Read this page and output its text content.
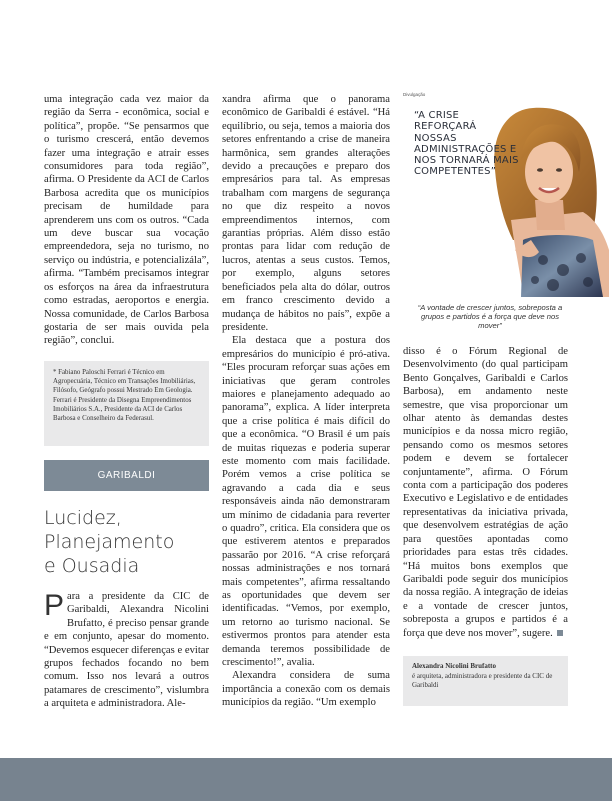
uma integração cada vez maior da região da Serra - econômica, social e política”, propõe. “Se pensarmos que o turismo crescerá, então devemos fazer uma integração e atrair esses consumidores para toda região”, afirma. O Presidente da ACI de Carlos Barbosa acredita que os municípios precisam de humildade para aprenderem uns com os outros. “Cada um deve buscar sua vocação empreendedora, seja no turismo, no serviço ou indústria, e potencializála”, afirma. “Também precisamos integrar os esforços na área da infraestrutura como estradas, aeroportos e energia. Nossa comunidade, de Carlos Barbosa gostaria de ser mais ouvida pela região”, conclui.

* Fabiano Paloschi Ferrari é Técnico em Agropecuária, Técnico em Transações Imobiliárias, Filósofo, Geógrafo possui Mestrado Em Geologia. Ferrari é Presidente da Disegna Empreendimentos Imobiliários S.A., Presidente da ACI de Carlos Barbosa e Conselheiro da Federasul.

GARIBALDI
Lucidez,
Planejamento
e Ousadia
P ara a presidente da CIC de Garibaldi, Alexandra Nicolini Brufatto, é preciso pensar grande e em conjunto, apesar do momento. “Devemos esquecer diferenças e evitar grupos fechados focando no bem comum. Isso nos levará a outros patamares de crescimento”, vislumbra a arquiteta e administradora. Ale-

xandra afirma que o panorama econômico de Garibaldi é estável. “Há equilíbrio, ou seja, temos a maioria dos setores enfrentando a crise de maneira harmônica, sem grandes alterações devido a precauções e preparo dos empresários para tal. As empresas trabalham com margens de segurança no que diz respeito a novos empreendimentos internos, com garantias próprias. Além disso estão prontas para lidar com redução de lucros, atentas a seus custos. Temos, por exemplo, alguns setores beneficiados pela alta do dólar, outros em franco crescimento devido a mudança de hábitos no país”, expõe a presidente.

Ela destaca que a postura dos empresários do município é pró-ativa. “Eles procuram reforçar suas ações em iniciativas que geram controles maiores e planejamento adequado ao panorama”, explica. A líder interpreta que a crise política é mais difícil do que a econômica. “O Brasil é um país de muitas riquezas e poderia superar este momento com mais facilidade. Porém vemos a crise política se agravando a cada dia e seus responsáveis ainda não demonstraram um mínimo de cidadania para reverter o quadro”, critica. Ela considera que os que estiverem atentos e preparados passarão por 2016. “A crise reforçará nossas administrações e nos tornará mais competentes”, afirma ressaltando as oportunidades que devem ser identificadas. “Vemos, por exemplo, um retorno ao turismo nacional. Se estivermos prontos para atender esta demanda teremos possibilidade de crescimento!”, avalia.

Alexandra considera de suma importância a conexão com os demais municípios da região. “Um exemplo

Divulgação
“A CRISE REFORÇARÁ NOSSAS ADMINISTRAÇÕES E NOS TORNARÁ MAIS COMPETENTES”
“A vontade de crescer juntos, sobreposta a grupos e partidos é a força que deve nos mover”

disso é o Fórum Regional de Desenvolvimento (do qual participam Bento Gonçalves, Garibaldi e Carlos Barbosa), em andamento neste semestre, que visa proporcionar um olhar atento às demandas destes municípios e da nossa micro região, pensando como os mesmos setores podem e devem se fortalecer conjuntamente”, afirma. O Fórum conta com a participação dos poderes Executivo e Legislativo e de entidades representativas da iniciativa privada, que desenvolvem estratégias de ação para questões apontadas como prioridades para estas três cidades. “Há muitos bons exemplos que Garibaldi pode seguir dos municípios da nossa região. A integração de ideias e a vontade de crescer juntos, sobreposta a grupos e partidos é a força que deve nos mover”, sugere.

Alexandra Nicolini Brufatto
é arquiteta, administradora e presidente da CIC de Garibaldi
